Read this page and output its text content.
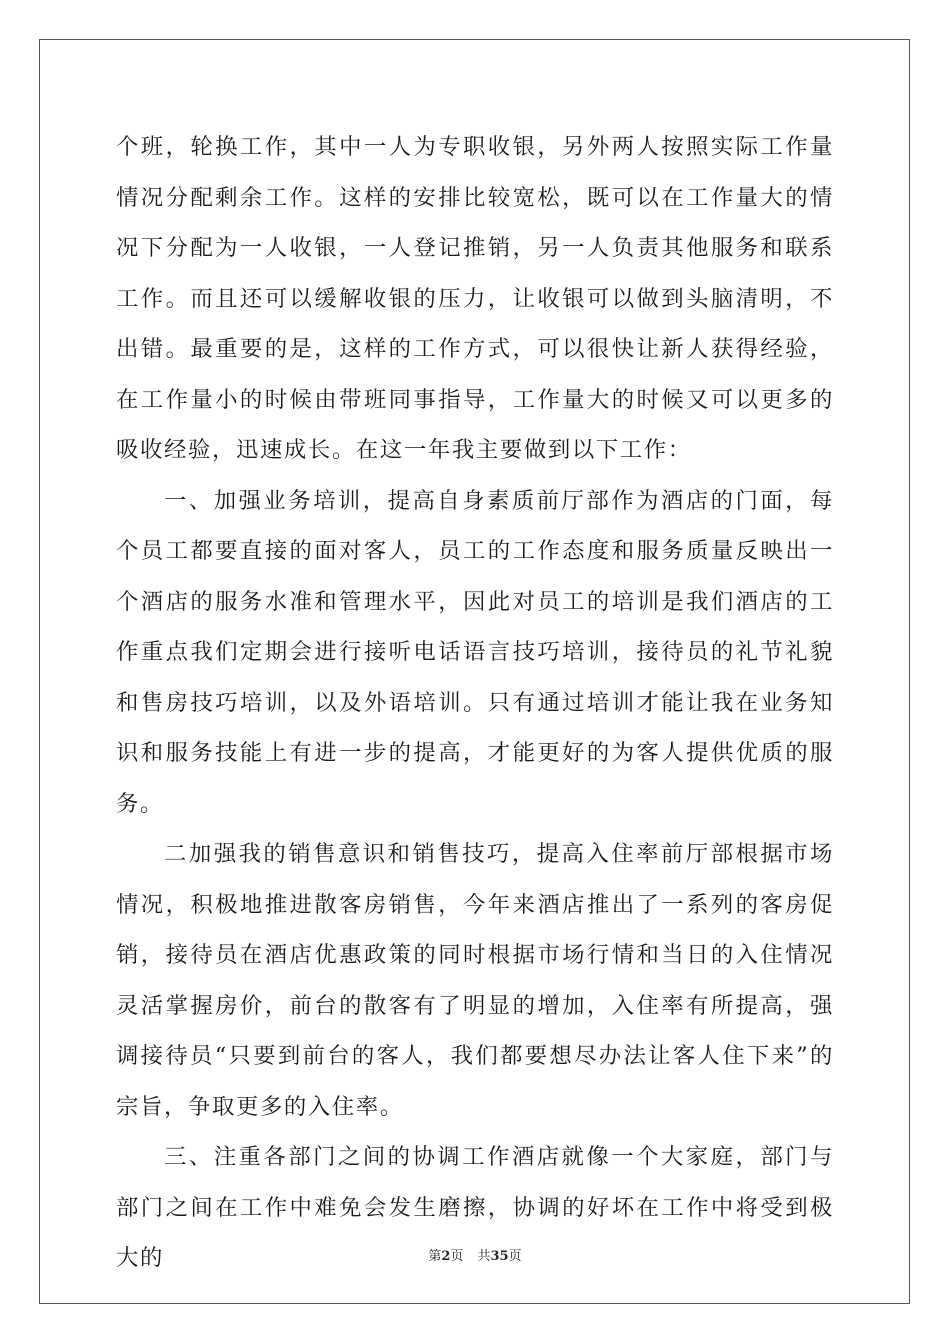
个班，轮换工作，其中一人为专职收银，另外两人按照实际工作量情况分配剩余工作。这样的安排比较宽松，既可以在工作量大的情况下分配为一人收银，一人登记推销，另一人负责其他服务和联系工作。而且还可以缓解收银的压力，让收银可以做到头脑清明，不出错。最重要的是，这样的工作方式，可以很快让新人获得经验，在工作量小的时候由带班同事指导，工作量大的时候又可以更多的吸收经验，迅速成长。在这一年我主要做到以下工作：

一、加强业务培训，提高自身素质前厅部作为酒店的门面，每个员工都要直接的面对客人，员工的工作态度和服务质量反映出一个酒店的服务水准和管理水平，因此对员工的培训是我们酒店的工作重点我们定期会进行接听电话语言技巧培训，接待员的礼节礼貌和售房技巧培训，以及外语培训。只有通过培训才能让我在业务知识和服务技能上有进一步的提高，才能更好的为客人提供优质的服务。

二加强我的销售意识和销售技巧，提高入住率前厅部根据市场情况，积极地推进散客房销售，今年来酒店推出了一系列的客房促销，接待员在酒店优惠政策的同时根据市场行情和当日的入住情况灵活掌握房价，前台的散客有了明显的增加，入住率有所提高，强调接待员“只要到前台的客人，我们都要想尽办法让客人住下来”的宗旨，争取更多的入住率。

三、注重各部门之间的协调工作酒店就像一个大家庭，部门与部门之间在工作中难免会发生磨擦，协调的好坏在工作中将受到极大的	第2页 共35页
